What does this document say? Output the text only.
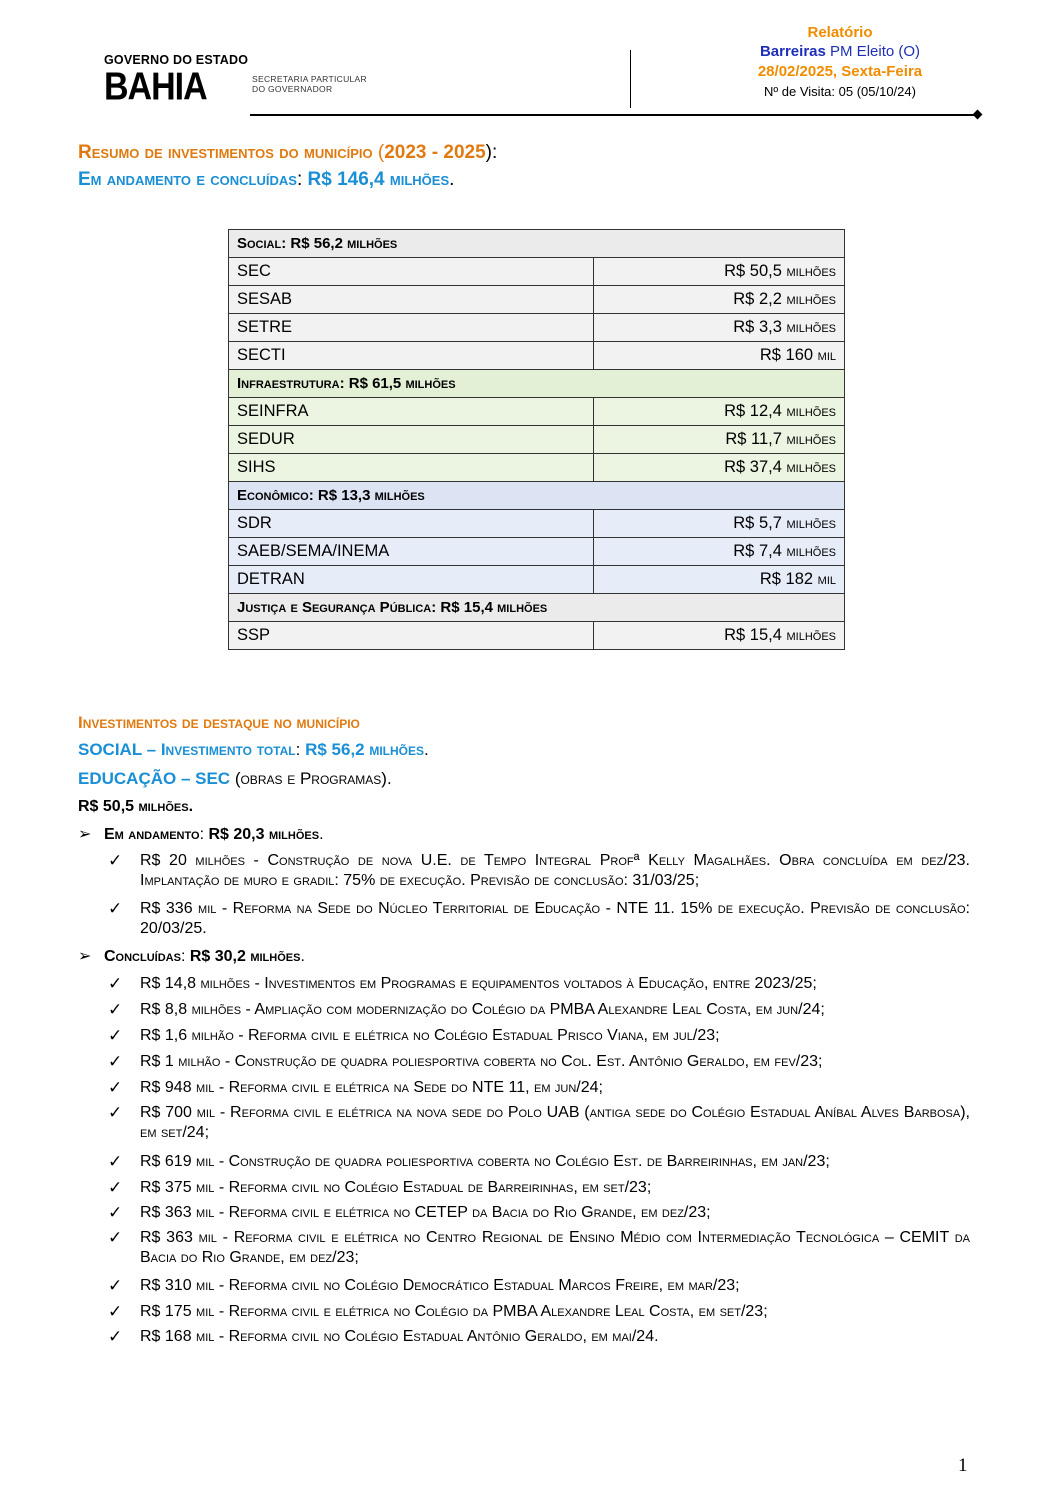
GOVERNO DO ESTADO
BAHIA	SECRETARIA PARTICULAR
DO GOVERNADOR
Relatório
Barreiras PM Eleito (O)
28/02/2025, Sexta-Feira
Nº de Visita: 05 (05/10/24)
Resumo de investimentos do município (2023 - 2025):
Em andamento e concluídas: R$ 146,4 milhões.
Social: R$ 56,2 milhões	
SEC	R$ 50,5 milhões
SESAB	R$ 2,2 milhões
SETRE	R$ 3,3 milhões
SECTI	R$ 160 mil
Infraestrutura: R$ 61,5 milhões	
SEINFRA	R$ 12,4 milhões
SEDUR	R$ 11,7 milhões
SIHS	R$ 37,4 milhões
Econômico: R$ 13,3 milhões	
SDR	R$ 5,7 milhões
SAEB/SEMA/INEMA	R$ 7,4 milhões
DETRAN	R$ 182 mil
Justiça e Segurança Pública: R$ 15,4 milhões	
SSP	R$ 15,4 milhões
Investimentos de destaque no município
SOCIAL – Investimento total: R$ 56,2 milhões.
EDUCAÇÃO – SEC (obras e Programas).
R$ 50,5 milhões.
➢ Em andamento: R$ 20,3 milhões.
✓ R$ 20 milhões - Construção de nova U.E. de Tempo Integral Profª Kelly Magalhães. Obra concluída em dez/23. Implantação de muro e gradil: 75% de execução. Previsão de conclusão: 31/03/25;
✓ R$ 336 mil - Reforma na Sede do Núcleo Territorial de Educação - NTE 11. 15% de execução. Previsão de conclusão: 20/03/25.
➢ Concluídas: R$ 30,2 milhões.
✓ R$ 14,8 milhões - Investimentos em Programas e equipamentos voltados à Educação, entre 2023/25;
✓ R$ 8,8 milhões - Ampliação com modernização do Colégio da PMBA Alexandre Leal Costa, em jun/24;
✓ R$ 1,6 milhão - Reforma civil e elétrica no Colégio Estadual Prisco Viana, em jul/23;
✓ R$ 1 milhão - Construção de quadra poliesportiva coberta no Col. Est. Antônio Geraldo, em fev/23;
✓ R$ 948 mil - Reforma civil e elétrica na Sede do NTE 11, em jun/24;
✓ R$ 700 mil - Reforma civil e elétrica na nova sede do Polo UAB (antiga sede do Colégio Estadual Aníbal Alves Barbosa), em set/24;
✓ R$ 619 mil - Construção de quadra poliesportiva coberta no Colégio Est. de Barreirinhas, em jan/23;
✓ R$ 375 mil - Reforma civil no Colégio Estadual de Barreirinhas, em set/23;
✓ R$ 363 mil - Reforma civil e elétrica no CETEP da Bacia do Rio Grande, em dez/23;
✓ R$ 363 mil - Reforma civil e elétrica no Centro Regional de Ensino Médio com Intermediação Tecnológica – CEMIT da Bacia do Rio Grande, em dez/23;
✓ R$ 310 mil - Reforma civil no Colégio Democrático Estadual Marcos Freire, em mar/23;
✓ R$ 175 mil - Reforma civil e elétrica no Colégio da PMBA Alexandre Leal Costa, em set/23;
✓ R$ 168 mil - Reforma civil no Colégio Estadual Antônio Geraldo, em mai/24.
1
